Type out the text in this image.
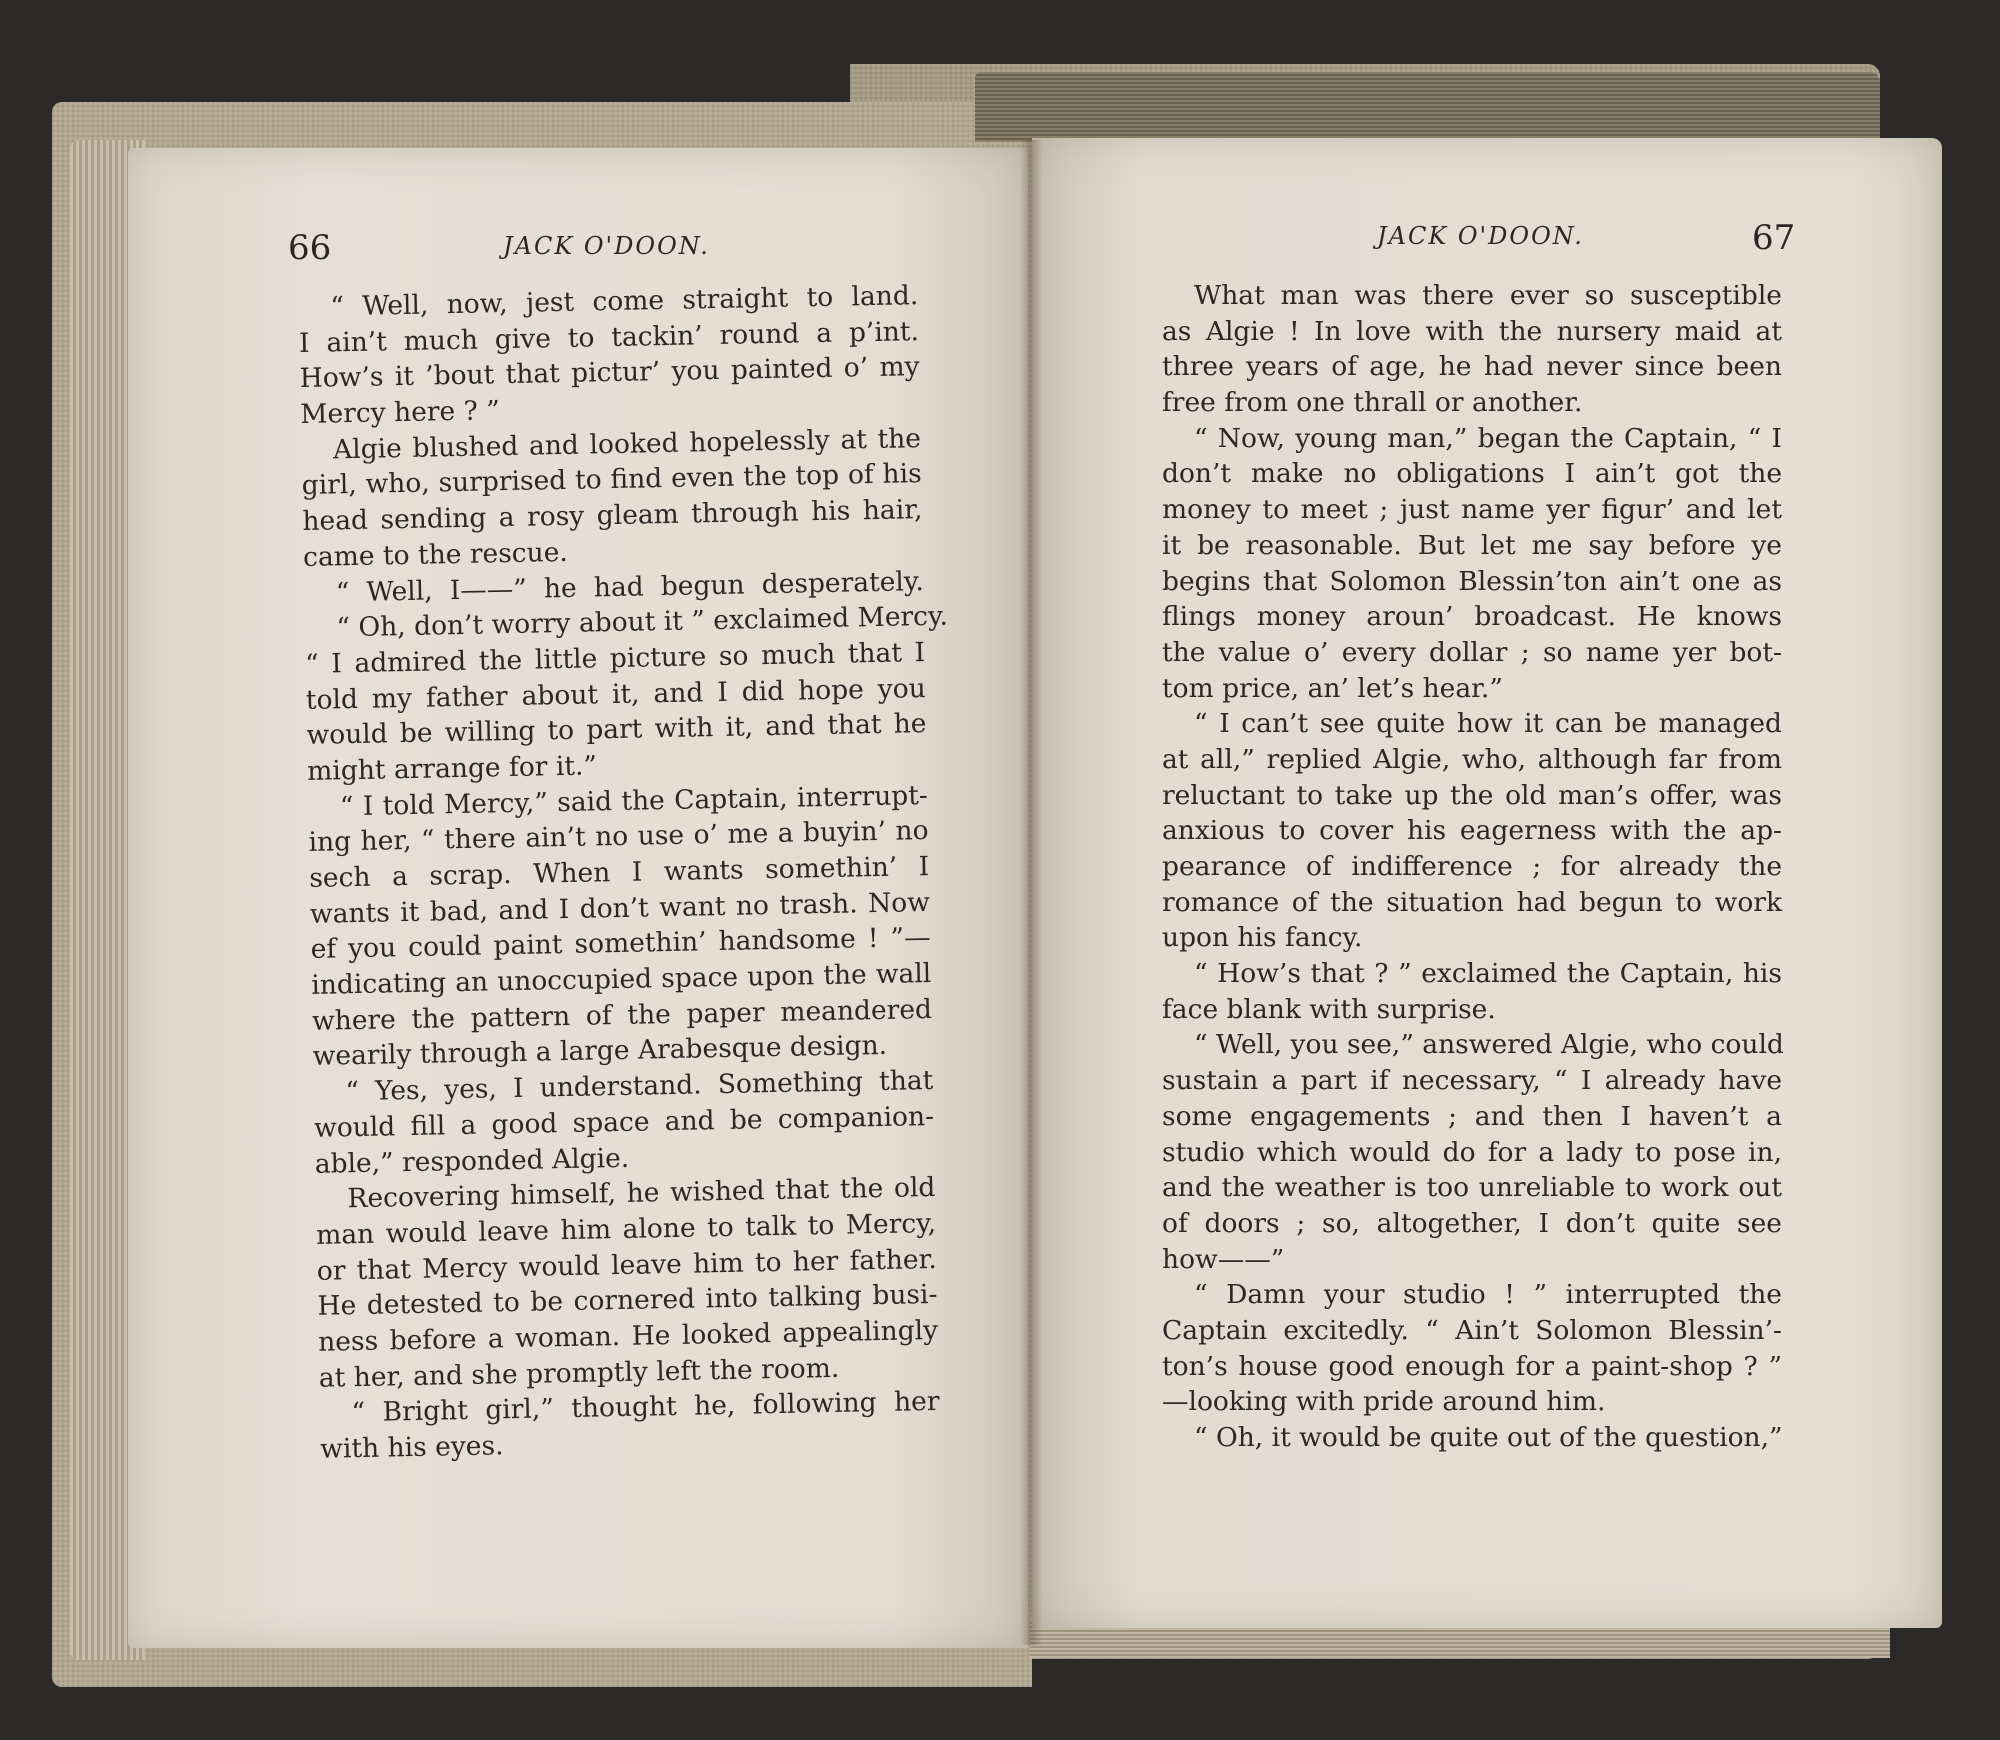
66	JACK O'DOON.
“ Well, now, jest come straight to land.
I ain’t much give to tackin’ round a p’int.
How’s it ’bout that pictur’ you painted o’ my
Mercy here ? ”
Algie blushed and looked hopelessly at the
girl, who, surprised to find even the top of his
head sending a rosy gleam through his hair,
came to the rescue.
“ Well, I——” he had begun desperately.
“ Oh, don’t worry about it ” exclaimed Mercy.
“ I admired the little picture so much that I
told my father about it, and I did hope you
would be willing to part with it, and that he
might arrange for it.”
“ I told Mercy,” said the Captain, interrupt-
ing her, “ there ain’t no use o’ me a buyin’ no
sech a scrap. When I wants somethin’ I
wants it bad, and I don’t want no trash. Now
ef you could paint somethin’ handsome ! ”—
indicating an unoccupied space upon the wall
where the pattern of the paper meandered
wearily through a large Arabesque design.
“ Yes, yes, I understand. Something that
would fill a good space and be companion-
able,” responded Algie.
Recovering himself, he wished that the old
man would leave him alone to talk to Mercy,
or that Mercy would leave him to her father.
He detested to be cornered into talking busi-
ness before a woman. He looked appealingly
at her, and she promptly left the room.
“ Bright girl,” thought he, following her
with his eyes.
JACK O'DOON.	67
What man was there ever so susceptible
as Algie ! In love with the nursery maid at
three years of age, he had never since been
free from one thrall or another.
“ Now, young man,” began the Captain, “ I
don’t make no obligations I ain’t got the
money to meet ; just name yer figur’ and let
it be reasonable. But let me say before ye
begins that Solomon Blessin’ton ain’t one as
flings money aroun’ broadcast. He knows
the value o’ every dollar ; so name yer bot-
tom price, an’ let’s hear.”
“ I can’t see quite how it can be managed
at all,” replied Algie, who, although far from
reluctant to take up the old man’s offer, was
anxious to cover his eagerness with the ap-
pearance of indifference ; for already the
romance of the situation had begun to work
upon his fancy.
“ How’s that ? ” exclaimed the Captain, his
face blank with surprise.
“ Well, you see,” answered Algie, who could
sustain a part if necessary, “ I already have
some engagements ; and then I haven’t a
studio which would do for a lady to pose in,
and the weather is too unreliable to work out
of doors ; so, altogether, I don’t quite see
how——”
“ Damn your studio ! ” interrupted the
Captain excitedly. “ Ain’t Solomon Blessin’-
ton’s house good enough for a paint-shop ? ”
—looking with pride around him.
“ Oh, it would be quite out of the question,”
